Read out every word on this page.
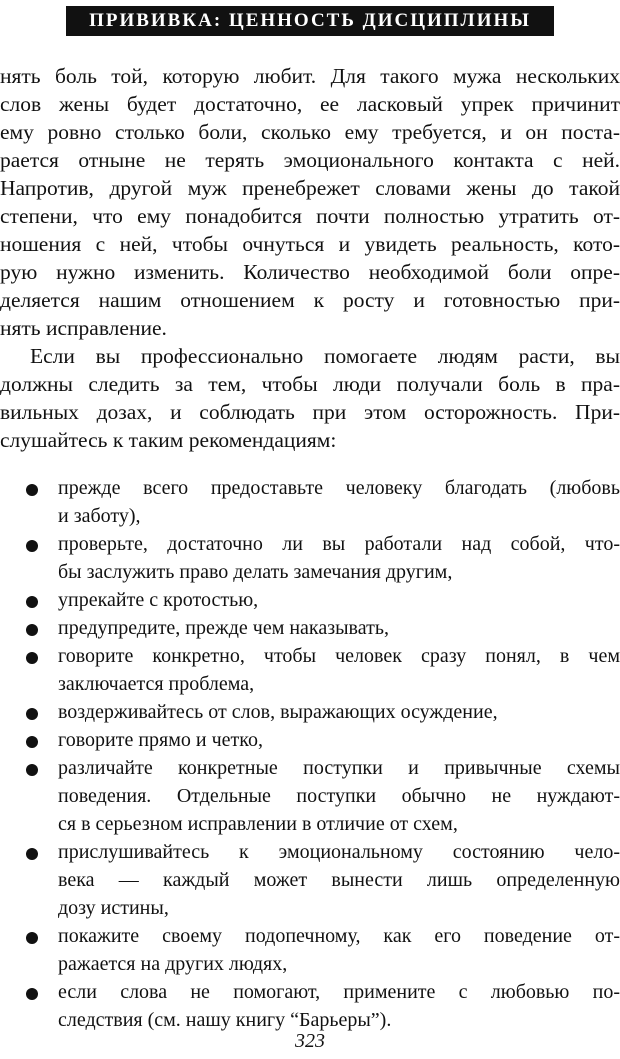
ПРИВИВКА: ЦЕННОСТЬ ДИСЦИПЛИНЫ
нять боль той, которую любит. Для такого мужа нескольких
слов жены будет достаточно, ее ласковый упрек причинит
ему ровно столько боли, сколько ему требуется, и он поста-
рается отныне не терять эмоционального контакта с ней.
Напротив, другой муж пренебрежет словами жены до такой
степени, что ему понадобится почти полностью утратить от-
ношения с ней, чтобы очнуться и увидеть реальность, кото-
рую нужно изменить. Количество необходимой боли опре-
деляется нашим отношением к росту и готовностью при-
нять исправление.
Если вы профессионально помогаете людям расти, вы
должны следить за тем, чтобы люди получали боль в пра-
вильных дозах, и соблюдать при этом осторожность. При-
слушайтесь к таким рекомендациям:
прежде всего предоставьте человеку благодать (любовь
и заботу),
проверьте, достаточно ли вы работали над собой, что-
бы заслужить право делать замечания другим,
упрекайте с кротостью,
предупредите, прежде чем наказывать,
говорите конкретно, чтобы человек сразу понял, в чем
заключается проблема,
воздерживайтесь от слов, выражающих осуждение,
говорите прямо и четко,
различайте конкретные поступки и привычные схемы
поведения. Отдельные поступки обычно не нуждают-
ся в серьезном исправлении в отличие от схем,
прислушивайтесь к эмоциональному состоянию чело-
века — каждый может вынести лишь определенную
дозу истины,
покажите своему подопечному, как его поведение от-
ражается на других людях,
если слова не помогают, примените с любовью по-
следствия (см. нашу книгу “Барьеры”).
323
